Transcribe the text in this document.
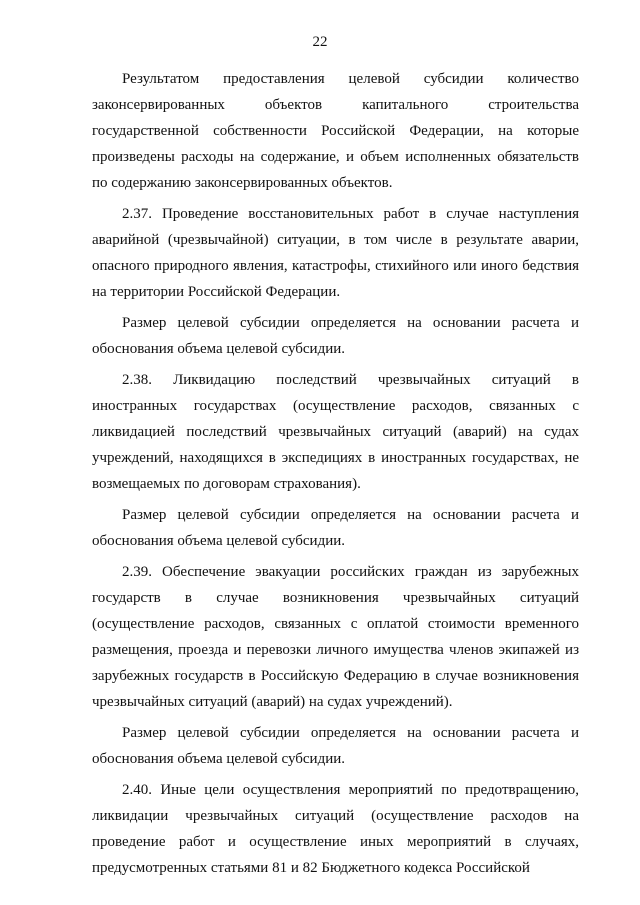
22

Результатом предоставления целевой субсидии количество законсервированных объектов капитального строительства государственной собственности Российской Федерации, на которые произведены расходы на содержание, и объем исполненных обязательств по содержанию законсервированных объектов.

2.37. Проведение восстановительных работ в случае наступления аварийной (чрезвычайной) ситуации, в том числе в результате аварии, опасного природного явления, катастрофы, стихийного или иного бедствия на территории Российской Федерации.

Размер целевой субсидии определяется на основании расчета и обоснования объема целевой субсидии.

2.38. Ликвидацию последствий чрезвычайных ситуаций в иностранных государствах (осуществление расходов, связанных с ликвидацией последствий чрезвычайных ситуаций (аварий) на судах учреждений, находящихся в экспедициях в иностранных государствах, не возмещаемых по договорам страхования).

Размер целевой субсидии определяется на основании расчета и обоснования объема целевой субсидии.

2.39. Обеспечение эвакуации российских граждан из зарубежных государств в случае возникновения чрезвычайных ситуаций (осуществление расходов, связанных с оплатой стоимости временного размещения, проезда и перевозки личного имущества членов экипажей из зарубежных государств в Российскую Федерацию в случае возникновения чрезвычайных ситуаций (аварий) на судах учреждений).

Размер целевой субсидии определяется на основании расчета и обоснования объема целевой субсидии.

2.40. Иные цели осуществления мероприятий по предотвращению, ликвидации чрезвычайных ситуаций (осуществление расходов на проведение работ и осуществление иных мероприятий в случаях, предусмотренных статьями 81 и 82 Бюджетного кодекса Российской
